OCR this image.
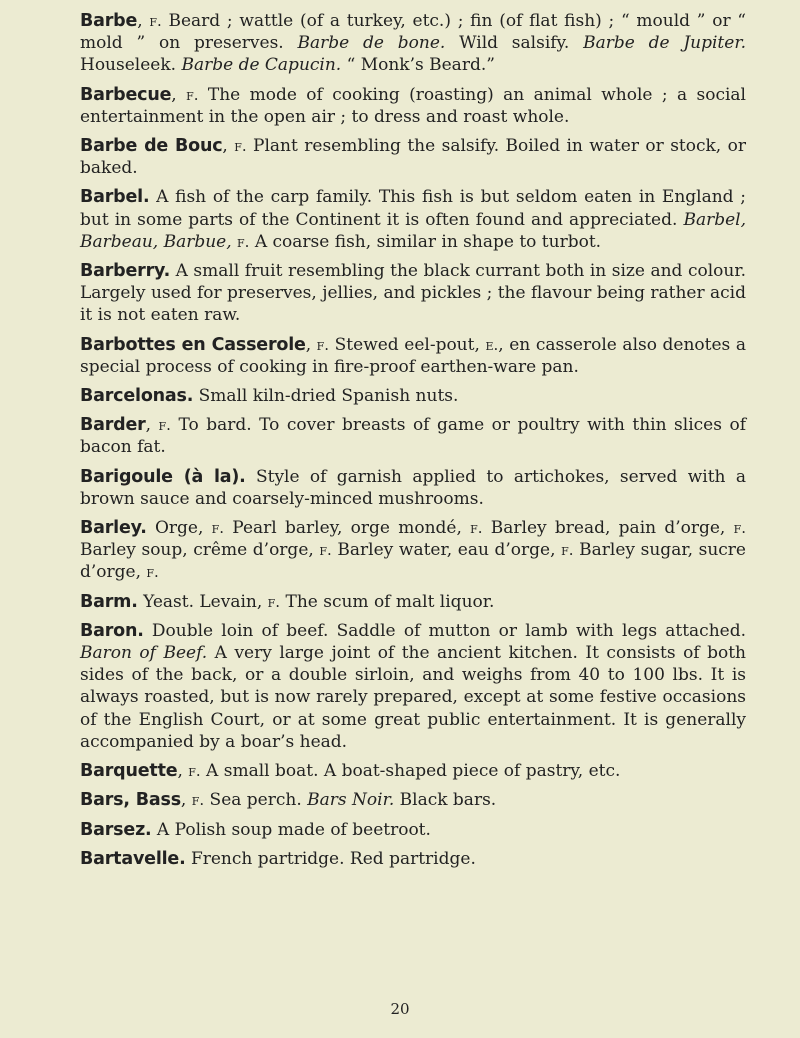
Barbe, f. Beard ; wattle (of a turkey, etc.) ; fin (of flat fish) ; “ mould ” or “ mold ” on preserves. Barbe de bone. Wild salsify. Barbe de Jupiter. Houseleek. Barbe de Capucin. “ Monk’s Beard.”

Barbecue, f. The mode of cooking (roasting) an animal whole ; a social entertainment in the open air ; to dress and roast whole.

Barbe de Bouc, f. Plant resembling the salsify. Boiled in water or stock, or baked.

Barbel. A fish of the carp family. This fish is but seldom eaten in England ; but in some parts of the Continent it is often found and appreciated. Barbel, Barbeau, Barbue, f. A coarse fish, similar in shape to turbot.

Barberry. A small fruit resembling the black currant both in size and colour. Largely used for preserves, jellies, and pickles ; the flavour being rather acid it is not eaten raw.

Barbottes en Casserole, f. Stewed eel-pout, e., en casserole also denotes a special process of cooking in fire-proof earthen-ware pan.

Barcelonas. Small kiln-dried Spanish nuts.

Barder, f. To bard. To cover breasts of game or poultry with thin slices of bacon fat.

Barigoule (à la). Style of garnish applied to artichokes, served with a brown sauce and coarsely-minced mushrooms.

Barley. Orge, f. Pearl barley, orge mondé, f. Barley bread, pain d’orge, f. Barley soup, crême d’orge, f. Barley water, eau d’orge, f. Barley sugar, sucre d’orge, f.

Barm. Yeast. Levain, f. The scum of malt liquor.

Baron. Double loin of beef. Saddle of mutton or lamb with legs attached. Baron of Beef. A very large joint of the ancient kitchen. It consists of both sides of the back, or a double sirloin, and weighs from 40 to 100 lbs. It is always roasted, but is now rarely prepared, except at some festive occasions of the English Court, or at some great public entertainment. It is generally accompanied by a boar’s head.

Barquette, f. A small boat. A boat-shaped piece of pastry, etc.

Bars, Bass, f. Sea perch. Bars Noir. Black bars.

Barsez. A Polish soup made of beetroot.

Bartavelle. French partridge. Red partridge.

20
